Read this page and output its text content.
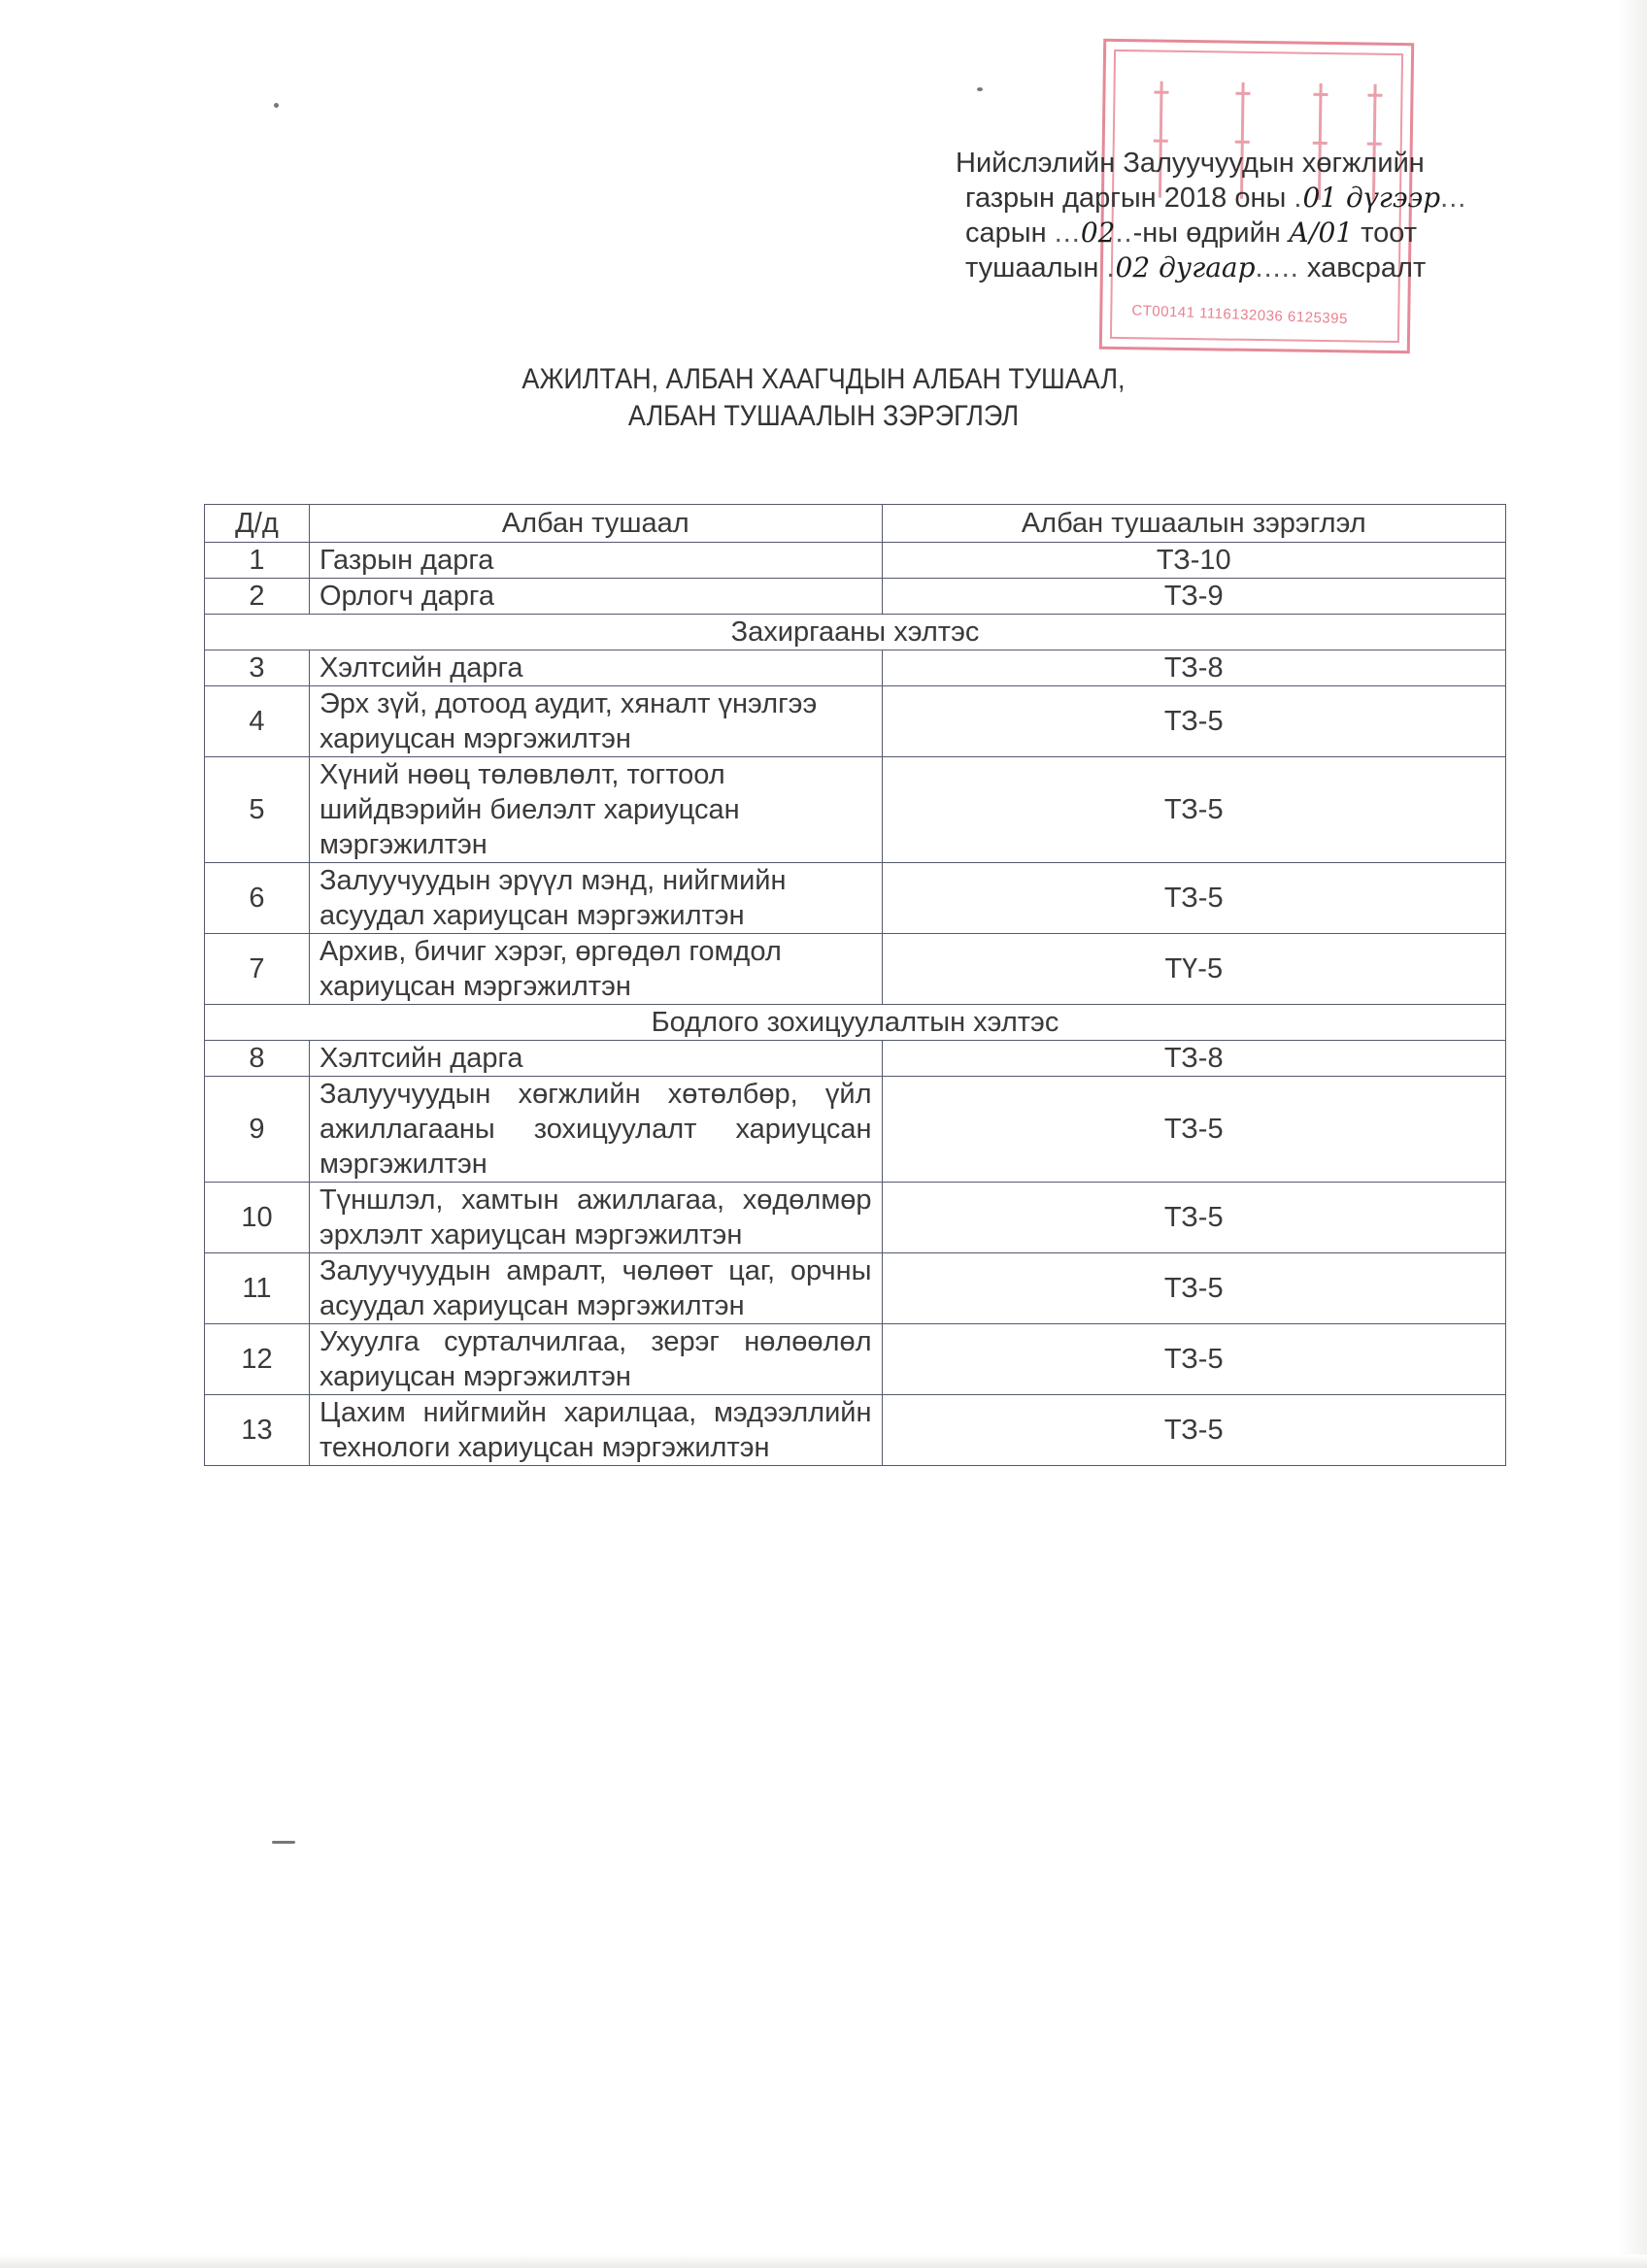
CT00141 1116132036 6125395
Нийслэлийн Залуучуудын хөгжлийн
газрын даргын 2018 оны .01 дүгээр...
сарын ...02..-ны өдрийн А/01 тоот
тушаалын .02 дугаар..... хавсралт
АЖИЛТАН, АЛБАН ХААГЧДЫН АЛБАН ТУШААЛ,
АЛБАН ТУШААЛЫН ЗЭРЭГЛЭЛ
Д/д	Албан тушаал	Албан тушаалын зэрэглэл
1	Газрын дарга	ТЗ-10
2	Орлогч дарга	ТЗ-9
Захиргааны хэлтэс		
3	Хэлтсийн дарга	ТЗ-8
4	Эрх зүй, дотоод аудит, хяналт үнэлгээ хариуцсан мэргэжилтэн	ТЗ-5
5	Хүний нөөц төлөвлөлт, тогтоол шийдвэрийн биелэлт хариуцсан мэргэжилтэн	ТЗ-5
6	Залуучуудын эрүүл мэнд, нийгмийн асуудал хариуцсан мэргэжилтэн	ТЗ-5
7	Архив, бичиг хэрэг, өргөдөл гомдол хариуцсан мэргэжилтэн	ТҮ-5
Бодлого зохицуулалтын хэлтэс		
8	Хэлтсийн дарга	ТЗ-8
9	Залуучуудын хөгжлийн хөтөлбөр, үйл ажиллагааны зохицуулалт хариуцсан мэргэжилтэн	ТЗ-5
10	Түншлэл, хамтын ажиллагаа, хөдөлмөр эрхлэлт хариуцсан мэргэжилтэн	ТЗ-5
11	Залуучуудын амралт, чөлөөт цаг, орчны асуудал хариуцсан мэргэжилтэн	ТЗ-5
12	Ухуулга сурталчилгаа, зерэг нөлөөлөл хариуцсан мэргэжилтэн	ТЗ-5
13	Цахим нийгмийн харилцаа, мэдээллийн технологи хариуцсан мэргэжилтэн	ТЗ-5
